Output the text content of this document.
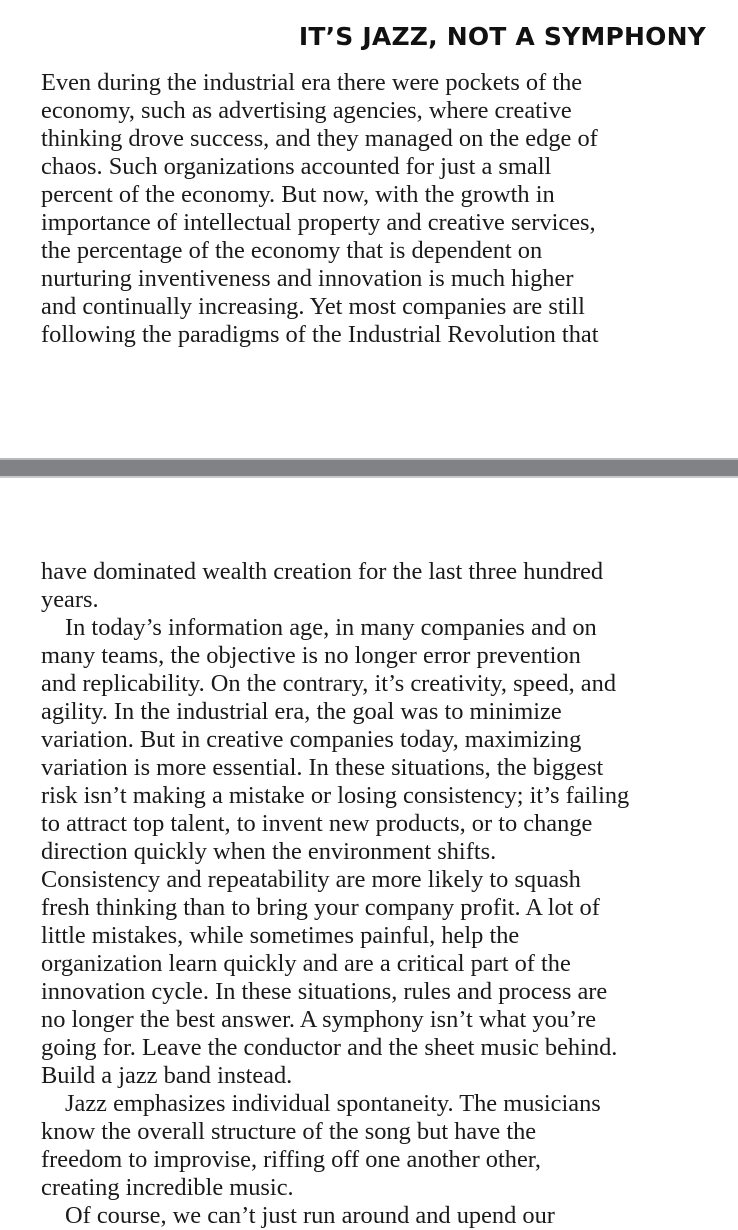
IT’S JAZZ, NOT A SYMPHONY
Even during the industrial era there were pockets of the
economy, such as advertising agencies, where creative
thinking drove success, and they managed on the edge of
chaos. Such organizations accounted for just a small
percent of the economy. But now, with the growth in
importance of intellectual property and creative services,
the percentage of the economy that is dependent on
nurturing inventiveness and innovation is much higher
and continually increasing. Yet most companies are still
following the paradigms of the Industrial Revolution that
have dominated wealth creation for the last three hundred
years.
In today’s information age, in many companies and on
many teams, the objective is no longer error prevention
and replicability. On the contrary, it’s creativity, speed, and
agility. In the industrial era, the goal was to minimize
variation. But in creative companies today, maximizing
variation is more essential. In these situations, the biggest
risk isn’t making a mistake or losing consistency; it’s failing
to attract top talent, to invent new products, or to change
direction quickly when the environment shifts.
Consistency and repeatability are more likely to squash
fresh thinking than to bring your company profit. A lot of
little mistakes, while sometimes painful, help the
organization learn quickly and are a critical part of the
innovation cycle. In these situations, rules and process are
no longer the best answer. A symphony isn’t what you’re
going for. Leave the conductor and the sheet music behind.
Build a jazz band instead.
Jazz emphasizes individual spontaneity. The musicians
know the overall structure of the song but have the
freedom to improvise, riffing off one another other,
creating incredible music.
Of course, we can’t just run around and upend our
